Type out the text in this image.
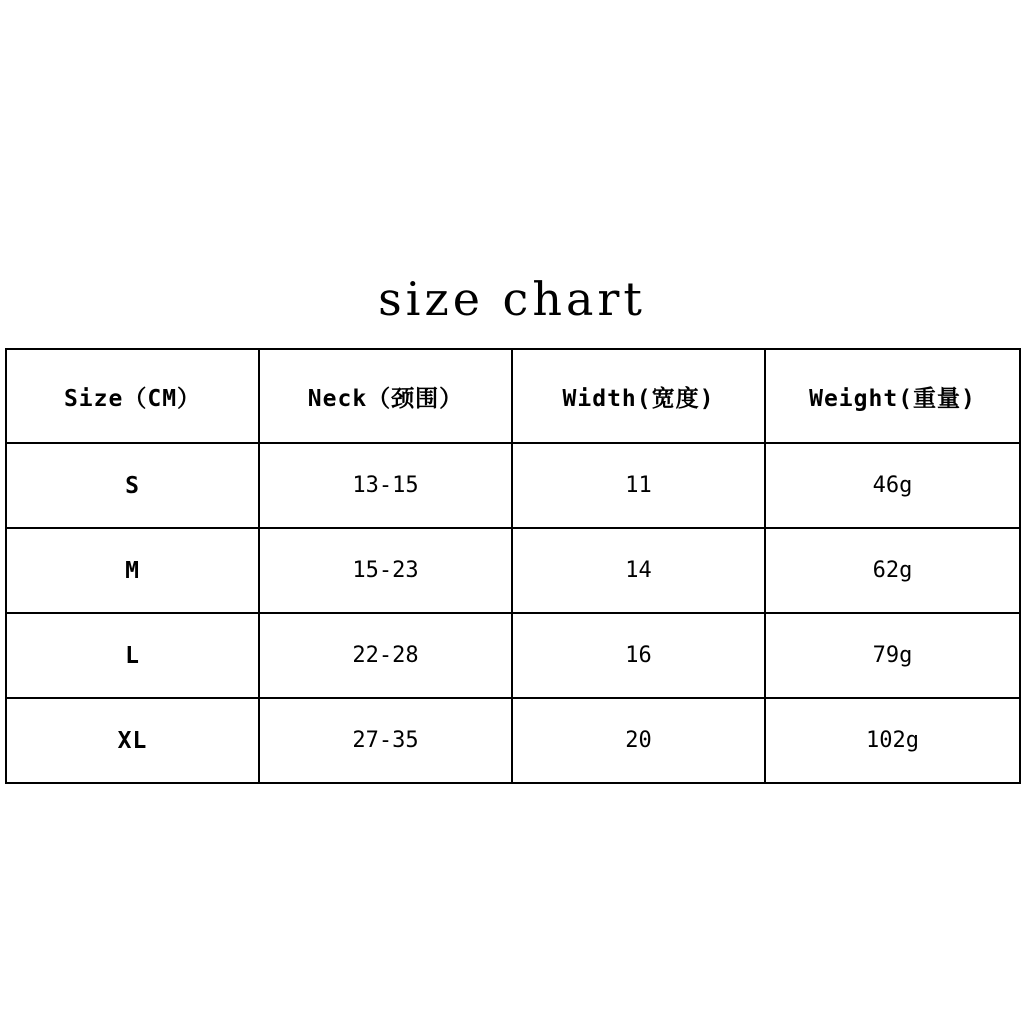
size chart
Size（CM）	Neck（颈围）	Width(宽度)	Weight(重量)
S	13-15	11	46g
M	15-23	14	62g
L	22-28	16	79g
XL	27-35	20	102g
